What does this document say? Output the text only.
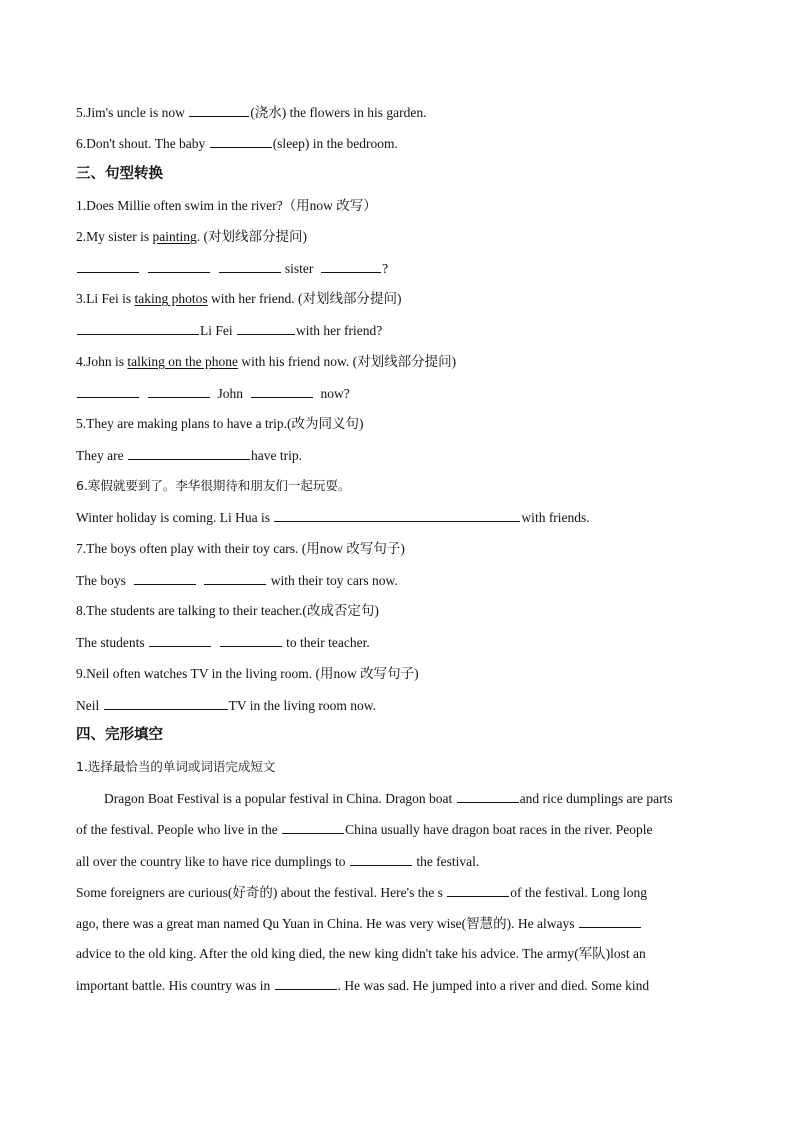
5.Jim's uncle is now	(浇水) the flowers in his garden.
6.Don't shout. The baby	(sleep) in the bedroom.
三、句型转换
1.Does Millie often swim in the river?（用now 改写）
2.My sister is painting. (对划线部分提问)
sister	?
3.Li Fei is taking photos with her friend. (对划线部分提问)
Li Fei	with her friend?
4.John is talking on the phone with his friend now. (对划线部分提问)
John	now?
5.They are making plans to have a trip.(改为同义句)
They are	have trip.
6.寒假就要到了。李华很期待和朋友们一起玩耍。
Winter holiday is coming. Li Hua is	with friends.
7.The boys often play with their toy cars. (用now 改写句子)
The boys	with their toy cars now.
8.The students are talking to their teacher.(改成否定句)
The students	to their teacher.
9.Neil often watches TV in the living room. (用now 改写句子)
Neil	TV in the living room now.
四、完形填空
1.选择最恰当的单词或词语完成短文
Dragon Boat Festival is a popular festival in China. Dragon boat	and rice dumplings are parts
of the festival. People who live in the	China usually have dragon boat races in the river. People
all over the country like to have rice dumplings to	the festival.
Some foreigners are curious(好奇的) about the festival. Here's the s	of the festival. Long long
ago, there was a great man named Qu Yuan in China. He was very wise(智慧的). He always
advice to the old king. After the old king died, the new king didn't take his advice. The army(军队)lost an
important battle. His country was in	. He was sad. He jumped into a river and died. Some kind
